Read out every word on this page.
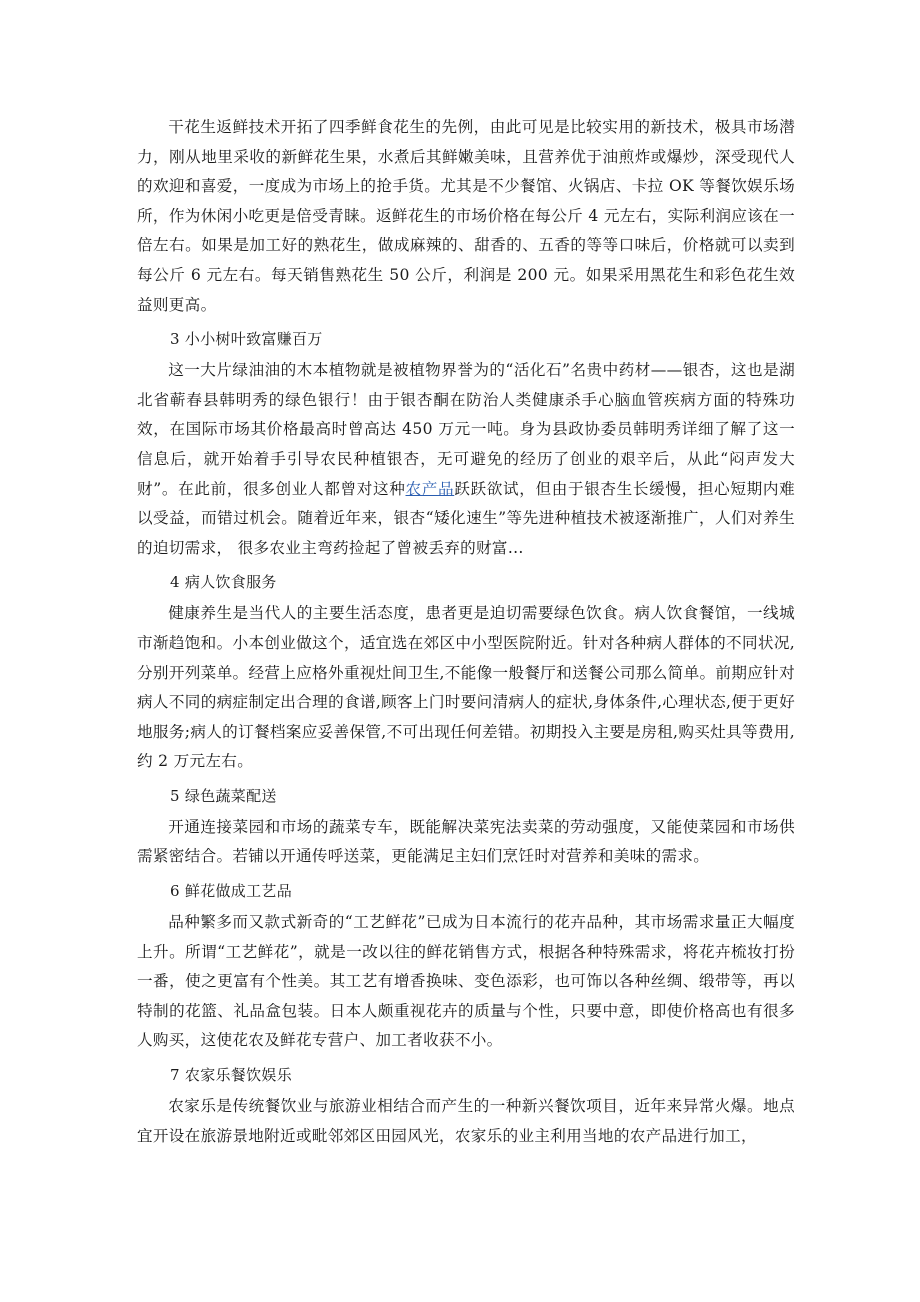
干花生返鲜技术开拓了四季鲜食花生的先例，由此可见是比较实用的新技术，极具市场潜力，刚从地里采收的新鲜花生果，水煮后其鲜嫩美味，且营养优于油煎炸或爆炒，深受现代人的欢迎和喜爱，一度成为市场上的抢手货。尤其是不少餐馆、火锅店、卡拉 OK 等餐饮娱乐场所，作为休闲小吃更是倍受青睐。返鲜花生的市场价格在每公斤 4 元左右，实际利润应该在一倍左右。如果是加工好的熟花生，做成麻辣的、甜香的、五香的等等口味后，价格就可以卖到每公斤 6 元左右。每天销售熟花生 50 公斤，利润是 200 元。如果采用黑花生和彩色花生效益则更高。

3 小小树叶致富赚百万

这一大片绿油油的木本植物就是被植物界誉为的“活化石”名贵中药材——银杏，这也是湖北省蕲春县韩明秀的绿色银行！由于银杏酮在防治人类健康杀手心脑血管疾病方面的特殊功效，在国际市场其价格最高时曾高达 450 万元一吨。身为县政协委员韩明秀详细了解了这一信息后，就开始着手引导农民种植银杏，无可避免的经历了创业的艰辛后，从此“闷声发大财”。在此前，很多创业人都曾对这种农产品跃跃欲试，但由于银杏生长缓慢，担心短期内难以受益，而错过机会。随着近年来，银杏“矮化速生”等先进种植技术被逐渐推广，人们对养生的迫切需求， 很多农业主弯药捡起了曾被丢弃的财富...

4 病人饮食服务

健康养生是当代人的主要生活态度，患者更是迫切需要绿色饮食。病人饮食餐馆，一线城市渐趋饱和。小本创业做这个，适宜选在郊区中小型医院附近。针对各种病人群体的不同状况,分别开列菜单。经营上应格外重视灶间卫生,不能像一般餐厅和送餐公司那么简单。前期应针对病人不同的病症制定出合理的食谱,顾客上门时要问清病人的症状,身体条件,心理状态,便于更好地服务;病人的订餐档案应妥善保管,不可出现任何差错。初期投入主要是房租,购买灶具等费用,约 2 万元左右。

5 绿色蔬菜配送

开通连接菜园和市场的蔬菜专车，既能解决菜宪法卖菜的劳动强度，又能使菜园和市场供需紧密结合。若铺以开通传呼送菜，更能满足主妇们烹饪时对营养和美味的需求。

6 鲜花做成工艺品

品种繁多而又款式新奇的“工艺鲜花”已成为日本流行的花卉品种，其市场需求量正大幅度上升。所谓“工艺鲜花”，就是一改以往的鲜花销售方式，根据各种特殊需求，将花卉梳妆打扮一番，使之更富有个性美。其工艺有增香换味、变色添彩，也可饰以各种丝绸、缎带等，再以特制的花篮、礼品盒包装。日本人颇重视花卉的质量与个性，只要中意，即使价格高也有很多人购买，这使花农及鲜花专营户、加工者收获不小。

7 农家乐餐饮娱乐

农家乐是传统餐饮业与旅游业相结合而产生的一种新兴餐饮项目，近年来异常火爆。地点宜开设在旅游景地附近或毗邻郊区田园风光，农家乐的业主利用当地的农产品进行加工，
